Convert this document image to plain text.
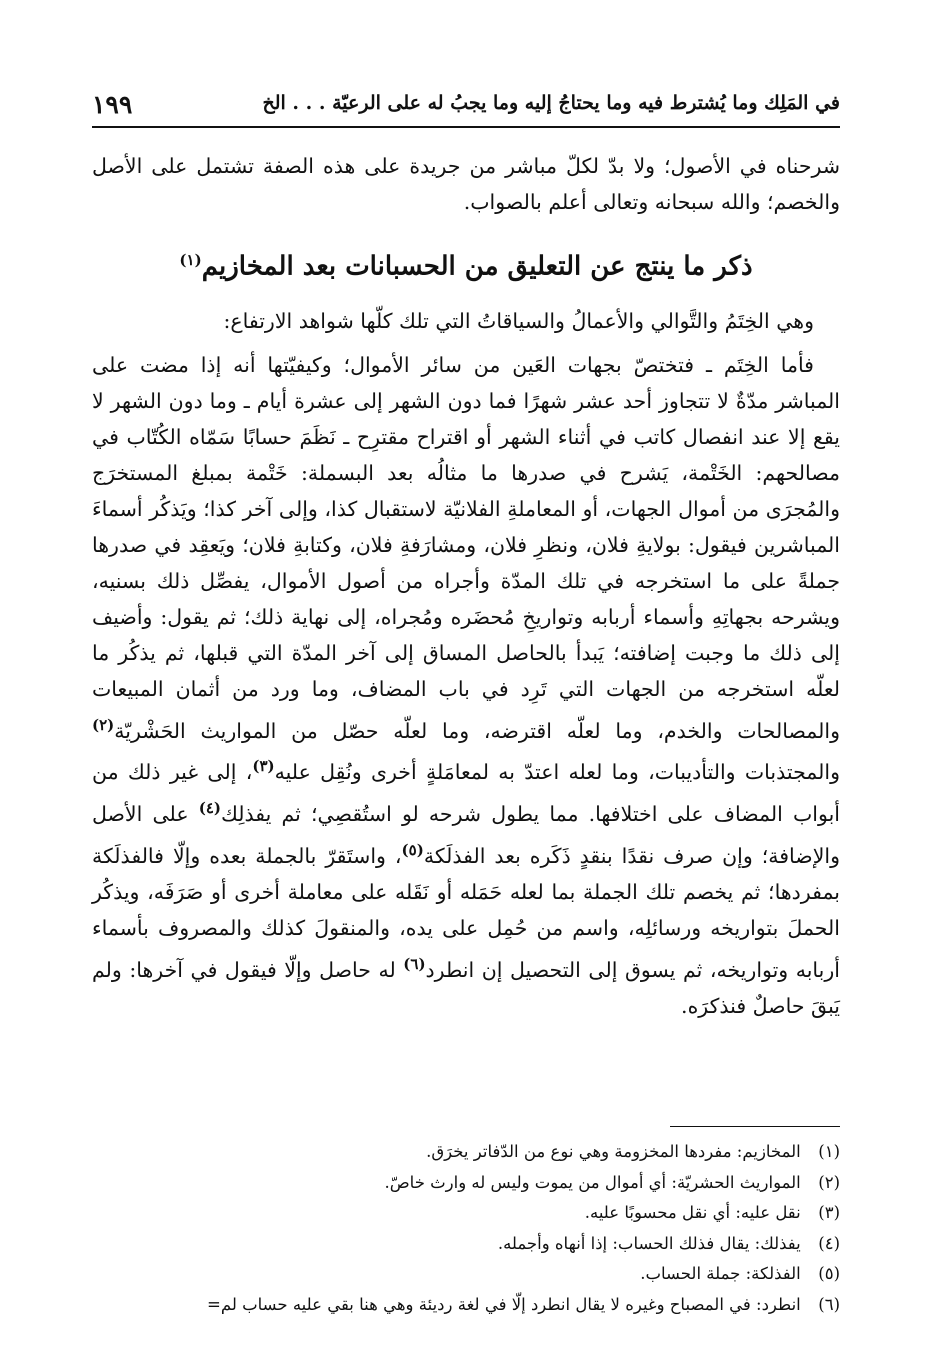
١٩٩	في المَلِك وما يُشترط فيه وما يحتاجُ إليه وما يجبُ له على الرعيّة . . . الخ

شرحناه في الأصول؛ ولا بدّ لكلّ مباشر من جريدة على هذه الصفة تشتمل على الأصل والخصم؛ والله سبحانه وتعالى أعلم بالصواب.

ذكر ما ينتج عن التعليق من الحسبانات بعد المخازيم$^{(١)}$

وهي الخِتَمُ والتَّوالي والأعمالُ والسياقاتُ التي تلك كلّها شواهد الارتفاع:

فأما الخِتَم ـ فتختصّ بجهات العَين من سائر الأموال؛ وكيفيّتها أنه إذا مضت على المباشر مدّةٌ لا تتجاوز أحد عشر شهرًا فما دون الشهر إلى عشرة أيام ـ وما دون الشهر لا يقع إلا عند انفصال كاتب في أثناء الشهر أو اقتراح مقترِح ـ نَظَمَ حسابًا سَمّاه الكُتّاب في مصالحهم: الخَتْمة، يَشرح في صدرها ما مثالُه بعد البسملة: خَتْمة بمبلغ المستخرَج والمُجرَى من أموال الجهات، أو المعاملةِ الفلانيّة لاستقبال كذا، وإلى آخر كذا؛ ويَذكُر أسماءَ المباشرين فيقول: بولايةِ فلان، ونظرِ فلان، ومشارَفةِ فلان، وكتابةِ فلان؛ ويَعقِد في صدرها جملةً على ما استخرجه في تلك المدّة وأجراه من أصول الأموال، يفصِّل ذلك بسنيه، ويشرحه بجهاتِهِ وأسماء أربابه وتواريخِ مُحضَره ومُجراه، إلى نهاية ذلك؛ ثم يقول: وأضيف إلى ذلك ما وجبت إضافته؛ يَبدأ بالحاصل المساق إلى آخر المدّة التي قبلها، ثم يذكُر ما لعلّه استخرجه من الجهات التي تَرِد في باب المضاف، وما ورد من أثمان المبيعات والمصالحات والخدم، وما لعلّه اقترضه، وما لعلّه حصّل من المواريث الحَشْريّة$^{(٢)}$ والمجتذبات والتأديبات، وما لعله اعتدّ به لمعامَلةٍ أخرى ونُقِل عليه$^{(٣)}$، إلى غير ذلك من أبواب المضاف على اختلافها. مما يطول شرحه لو استُقصِي؛ ثم يفذلِك$^{(٤)}$ على الأصل والإضافة؛ وإن صرف نقدًا بنقدٍ ذَكَره بعد الفذلَكة$^{(٥)}$، واستَقرّ بالجملة بعده وإلّا فالفذلَكة بمفردها؛ ثم يخصم تلك الجملة بما لعله حَمَله أو نَقَله على معاملة أخرى أو صَرَفَه، ويذكُر الحملَ بتواريخه ورسائلِه، واسم من حُمِل على يده، والمنقولَ كذلك والمصروف بأسماء أربابه وتواريخه، ثم يسوق إلى التحصيل إن انطرد$^{(٦)}$ له حاصل وإلّا فيقول في آخرها: ولم يَبقَ حاصلٌ فنذكرَه.

(١) المخازيم: مفردها المخزومة وهي نوع من الدّفاتر يخرَق.

(٢) المواريث الحشريّة: أي أموال من يموت وليس له وارث خاصّ.

(٣) نقل عليه: أي نقل محسوبًا عليه.

(٤) يفذلك: يقال فذلك الحساب: إذا أنهاه وأجمله.

(٥) الفذلكة: جملة الحساب.

(٦) انطرد: في المصباح وغيره لا يقال انطرد إلّا في لغة رديئة وهي هنا بقي عليه حساب لم=
